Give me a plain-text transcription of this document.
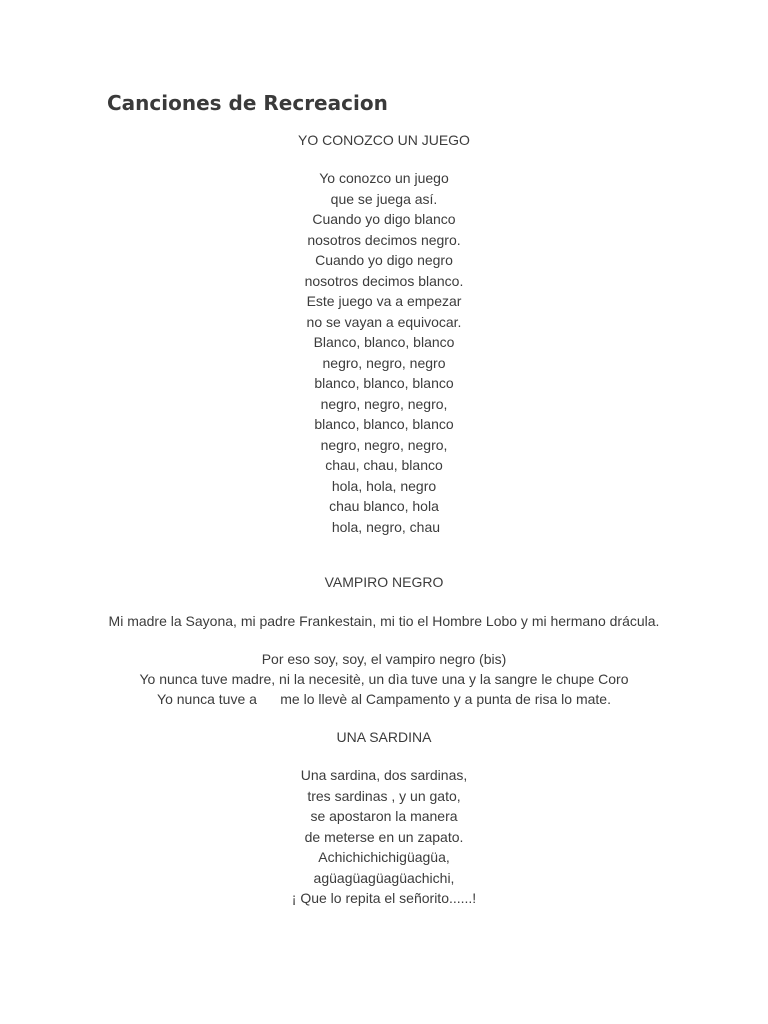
Canciones de Recreacion

YO CONOZCO UN JUEGO

Yo conozco un juego
que se juega así.
Cuando yo digo blanco
nosotros decimos negro.
Cuando yo digo negro
nosotros decimos blanco.
Este juego va a empezar
no se vayan a equivocar.
Blanco, blanco, blanco
negro, negro, negro
blanco, blanco, blanco
negro, negro, negro,
blanco, blanco, blanco
negro, negro, negro,
chau, chau, blanco
hola, hola, negro
chau blanco, hola
hola, negro, chau

VAMPIRO NEGRO

Mi madre la Sayona, mi padre Frankestain, mi tio el Hombre Lobo y mi hermano drácula.

Por eso soy, soy, el vampiro negro (bis)
Yo nunca tuve madre, ni la necesitè, un dìa tuve una y la sangre le chupe Coro
Yo nunca tuve a      me lo llevè al Campamento y a punta de risa lo mate.

UNA SARDINA

Una sardina, dos sardinas,
tres sardinas , y un gato,
se apostaron la manera
de meterse en un zapato.
Achichichichigüagüa,
agüagüagüagüachichi,
¡ Que lo repita el señorito......!
